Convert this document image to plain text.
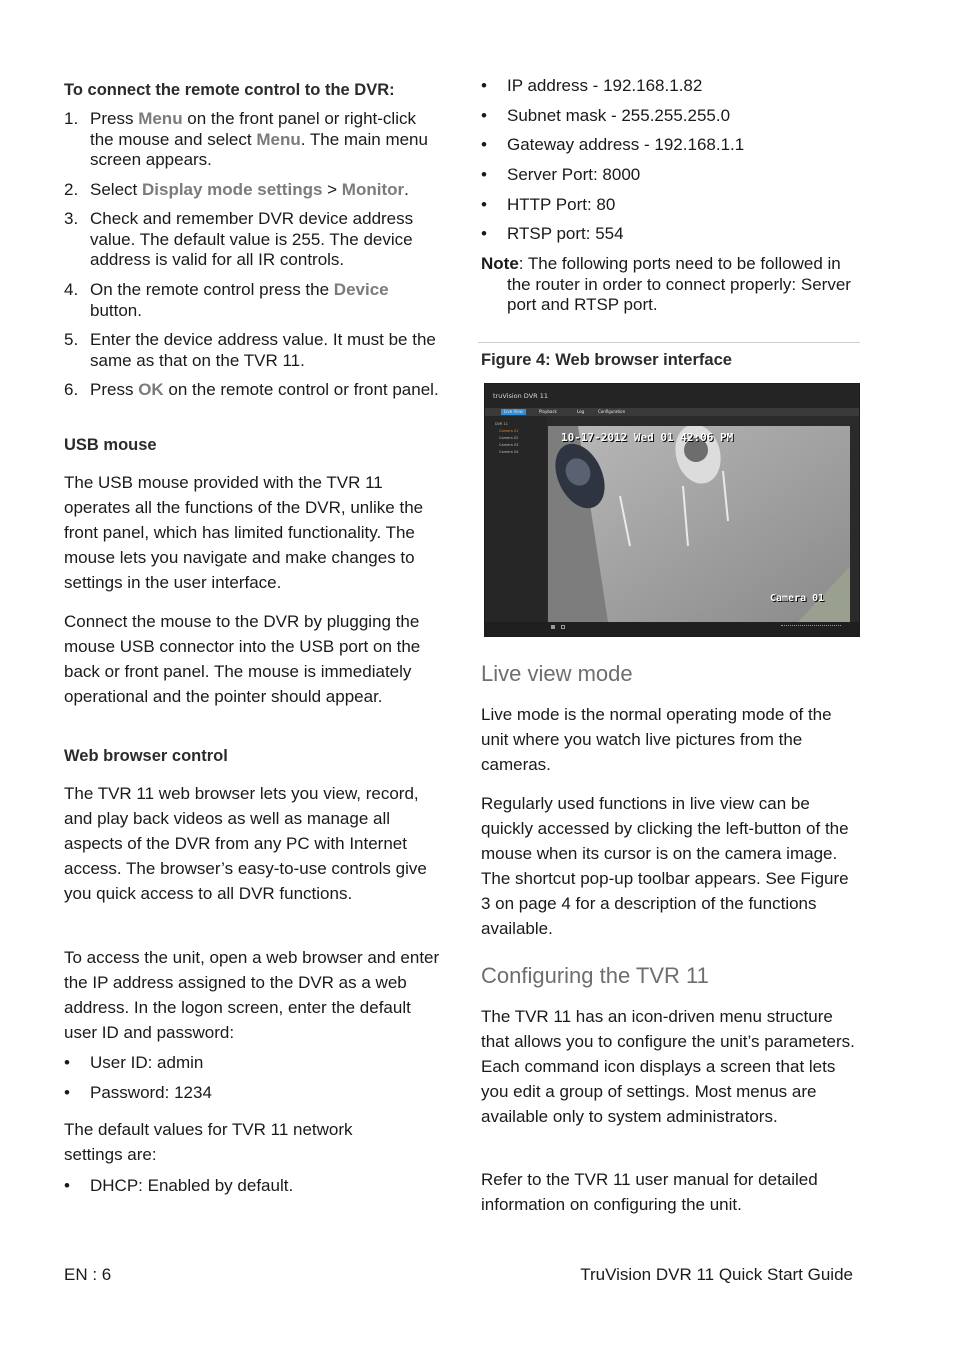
To connect the remote control to the DVR:

1. Press Menu on the front panel or right-click the mouse and select Menu. The main menu screen appears.
2. Select Display mode settings > Monitor.
3. Check and remember DVR device address value. The default value is 255. The device address is valid for all IR controls.
4. On the remote control press the Device button.
5. Enter the device address value. It must be the same as that on the TVR 11.
6. Press OK on the remote control or front panel.

USB mouse

The USB mouse provided with the TVR 11 operates all the functions of the DVR, unlike the front panel, which has limited functionality. The mouse lets you navigate and make changes to settings in the user interface.

Connect the mouse to the DVR by plugging the mouse USB connector into the USB port on the back or front panel. The mouse is immediately operational and the pointer should appear.

Web browser control

The TVR 11 web browser lets you view, record, and play back videos as well as manage all aspects of the DVR from any PC with Internet access. The browser’s easy-to-use controls give you quick access to all DVR functions.

To access the unit, open a web browser and enter the IP address assigned to the DVR as a web address. In the logon screen, enter the default user ID and password:

• User ID: admin
• Password: 1234

The default values for TVR 11 network settings are:

• DHCP: Enabled by default.
• IP address - 192.168.1.82
• Subnet mask - 255.255.255.0
• Gateway address - 192.168.1.1
• Server Port: 8000
• HTTP Port: 80
• RTSP port: 554

Note: The following ports need to be followed in the router in order to connect properly: Server port and RTSP port.

Figure 4: Web browser interface

Live view mode

Live mode is the normal operating mode of the unit where you watch live pictures from the cameras.

Regularly used functions in live view can be quickly accessed by clicking the left-button of the mouse when its cursor is on the camera image. The shortcut pop-up toolbar appears. See Figure 3 on page 4 for a description of the functions available.

Configuring the TVR 11

The TVR 11 has an icon-driven menu structure that allows you to configure the unit’s parameters. Each command icon displays a screen that lets you edit a group of settings. Most menus are available only to system administrators.

Refer to the TVR 11 user manual for detailed information on configuring the unit.

truVision DVR 11
Live View	Playback	Log	Configuration
DVR 11
Camera 01
Camera 02
Camera 03
Camera 04
10-17-2012 Wed 01 42:06 PM
Camera 01
EN : 6	TruVision DVR 11 Quick Start Guide
